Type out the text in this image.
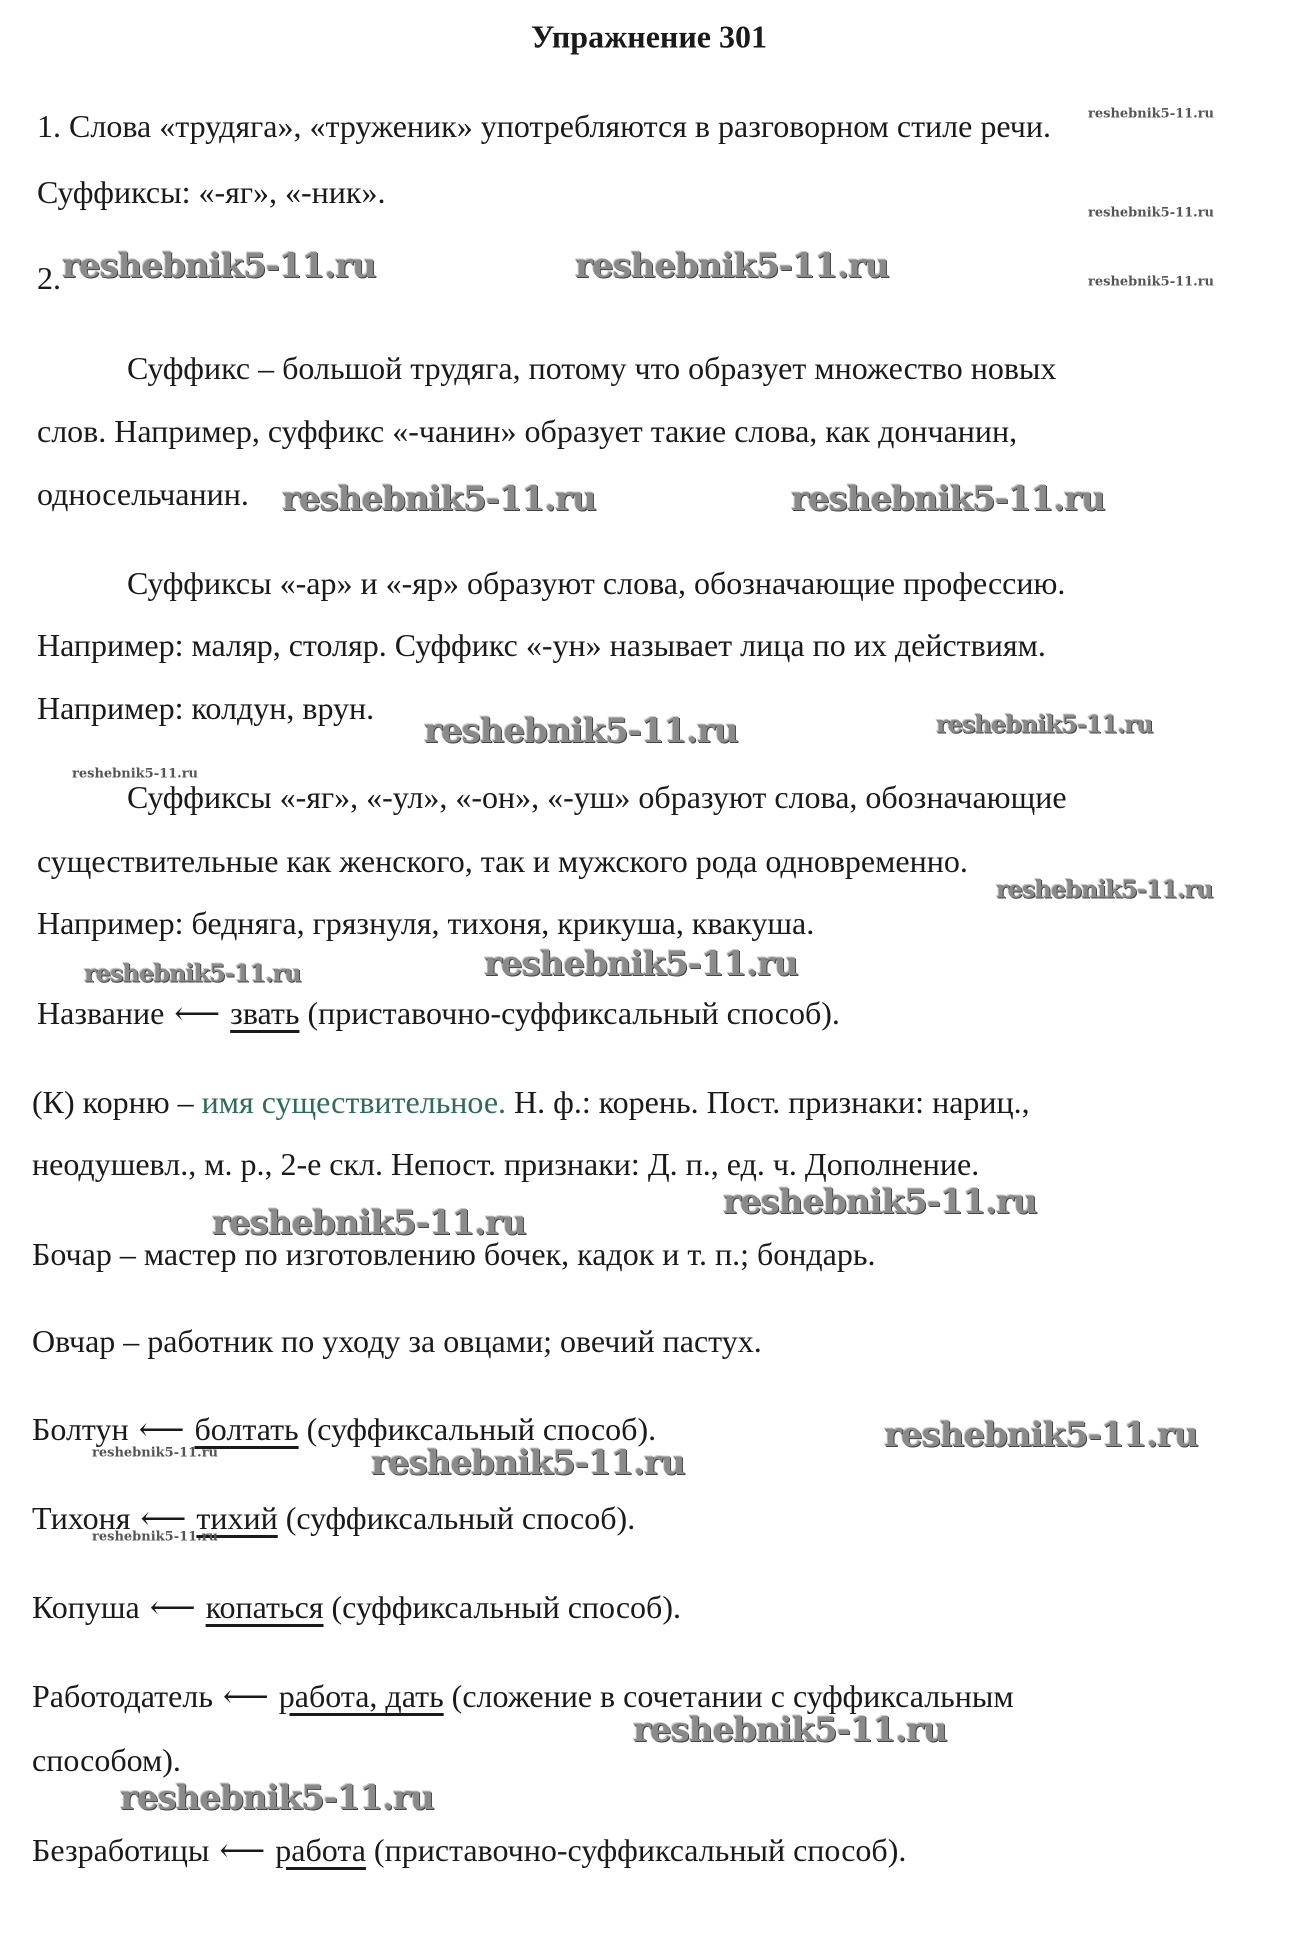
Упражнение 301
1. Слова «трудяга», «труженик» употребляются в разговорном стиле речи.
Суффиксы: «-яг», «-ник».
2.
Суффикс – большой трудяга, потому что образует множество новых
слов. Например, суффикс «-чанин» образует такие слова, как дончанин,
односельчанин.
Суффиксы «-ар» и «-яр» образуют слова, обозначающие профессию.
Например: маляр, столяр. Суффикс «-ун» называет лица по их действиям.
Например: колдун, врун.
Суффиксы «-яг», «-ул», «-он», «-уш» образуют слова, обозначающие
существительные как женского, так и мужского рода одновременно.
Например: бедняга, грязнуля, тихоня, крикуша, квакуша.
Название ⟵ звать (приставочно-суффиксальный способ).
(К) корню – имя существительное. Н. ф.: корень. Пост. признаки: нариц.,
неодушевл., м. р., 2-е скл. Непост. признаки: Д. п., ед. ч. Дополнение.
Бочар – мастер по изготовлению бочек, кадок и т. п.; бондарь.
Овчар – работник по уходу за овцами; овечий пастух.
Болтун ⟵ болтать (суффиксальный способ).
Тихоня ⟵ тихий (суффиксальный способ).
Копуша ⟵ копаться (суффиксальный способ).
Работодатель ⟵ работа, дать (сложение в сочетании с суффиксальным
способом).
Безработицы ⟵ работа (приставочно-суффиксальный способ).
reshebnik5-11.ru	reshebnik5-11.ru
reshebnik5-11.ru	reshebnik5-11.ru
reshebnik5-11.ru	reshebnik5-11.ru
reshebnik5-11.ru
reshebnik5-11.ru
reshebnik5-11.ru
reshebnik5-11.ru
reshebnik5-11.ru
reshebnik5-11.ru
reshebnik5-11.ru
reshebnik5-11.ru
reshebnik5-11.ru
reshebnik5-11.ru
reshebnik5-11.ru
reshebnik5-11.ru
reshebnik5-11.ru
reshebnik5-11.ru
reshebnik5-11.ru
